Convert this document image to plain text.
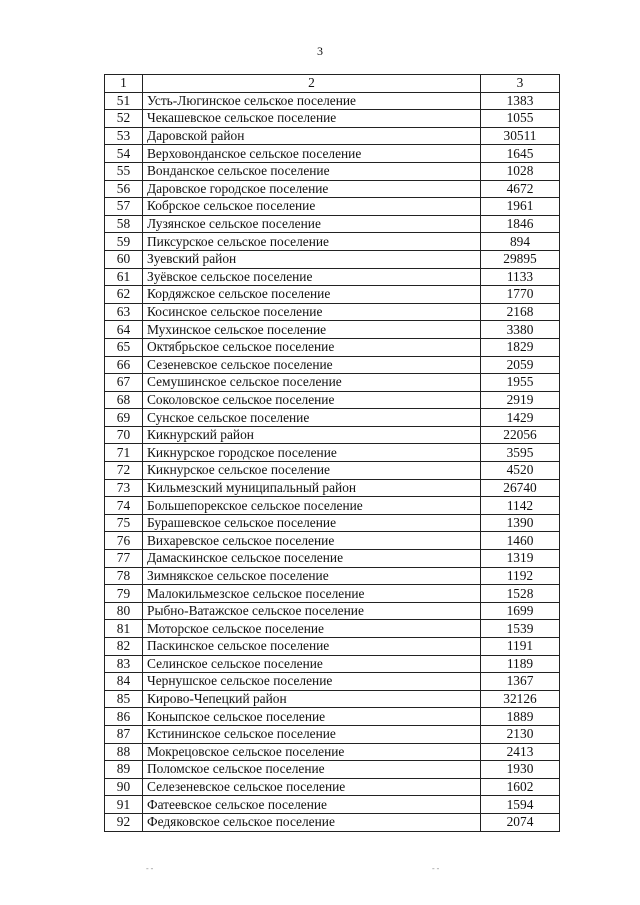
3
1	2	3
51	Усть-Люгинское сельское поселение	1383
52	Чекашевское сельское поселение	1055
53	Даровской район	30511
54	Верховонданское сельское поселение	1645
55	Вонданское сельское поселение	1028
56	Даровское городское поселение	4672
57	Кобрское сельское поселение	1961
58	Лузянское сельское поселение	1846
59	Пиксурское сельское поселение	894
60	Зуевский район	29895
61	Зуёвское сельское поселение	1133
62	Кордяжское сельское поселение	1770
63	Косинское сельское поселение	2168
64	Мухинское сельское поселение	3380
65	Октябрьское сельское поселение	1829
66	Сезеневское сельское поселение	2059
67	Семушинское сельское поселение	1955
68	Соколовское сельское поселение	2919
69	Сунское сельское поселение	1429
70	Кикнурский район	22056
71	Кикнурское городское поселение	3595
72	Кикнурское сельское поселение	4520
73	Кильмезский муниципальный район	26740
74	Большепорекское сельское поселение	1142
75	Бурашевское сельское поселение	1390
76	Вихаревское сельское поселение	1460
77	Дамаскинское сельское поселение	1319
78	Зимнякское сельское поселение	1192
79	Малокильмезское сельское поселение	1528
80	Рыбно-Ватажское сельское поселение	1699
81	Моторское сельское поселение	1539
82	Паскинское сельское поселение	1191
83	Селинское сельское поселение	1189
84	Чернушское сельское поселение	1367
85	Кирово-Чепецкий район	32126
86	Коныпское сельское поселение	1889
87	Кстининское сельское поселение	2130
88	Мокрецовское сельское поселение	2413
89	Поломское сельское поселение	1930
90	Селезеневское сельское поселение	1602
91	Фатеевское сельское поселение	1594
92	Федяковское сельское поселение	2074
- -	- -
